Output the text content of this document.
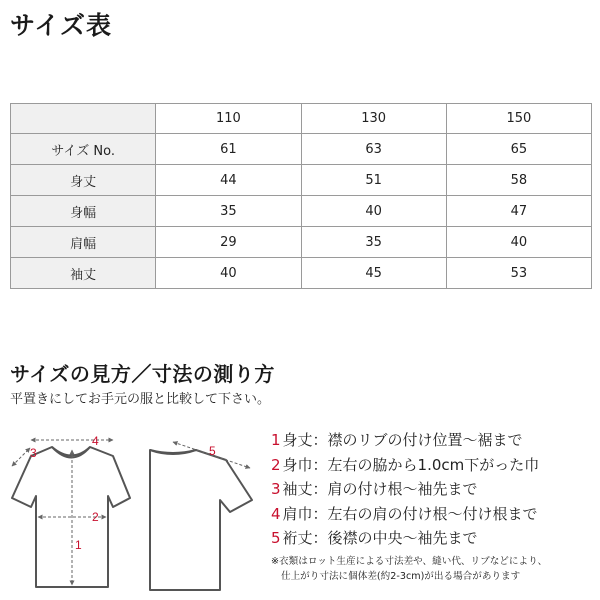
サイズ表
	110	130	150
サイズ No.	61	63	65
身丈	44	51	58
身幅	35	40	47
肩幅	29	35	40
袖丈	40	45	53
サイズの見方／寸法の測り方
平置きにしてお手元の服と比較して下さい。
3
4
2
1
5
1 身丈：襟のリブの付け位置〜裾まで
2 身巾：左右の脇から1.0cm下がった巾
3 袖丈：肩の付け根〜袖先まで
4 肩巾：左右の肩の付け根〜付け根まで
5 裄丈：後襟の中央〜袖先まで
※衣類はロット生産による寸法差や、縫い代、リブなどにより、
仕上がり寸法に個体差(約2-3cm)が出る場合があります
